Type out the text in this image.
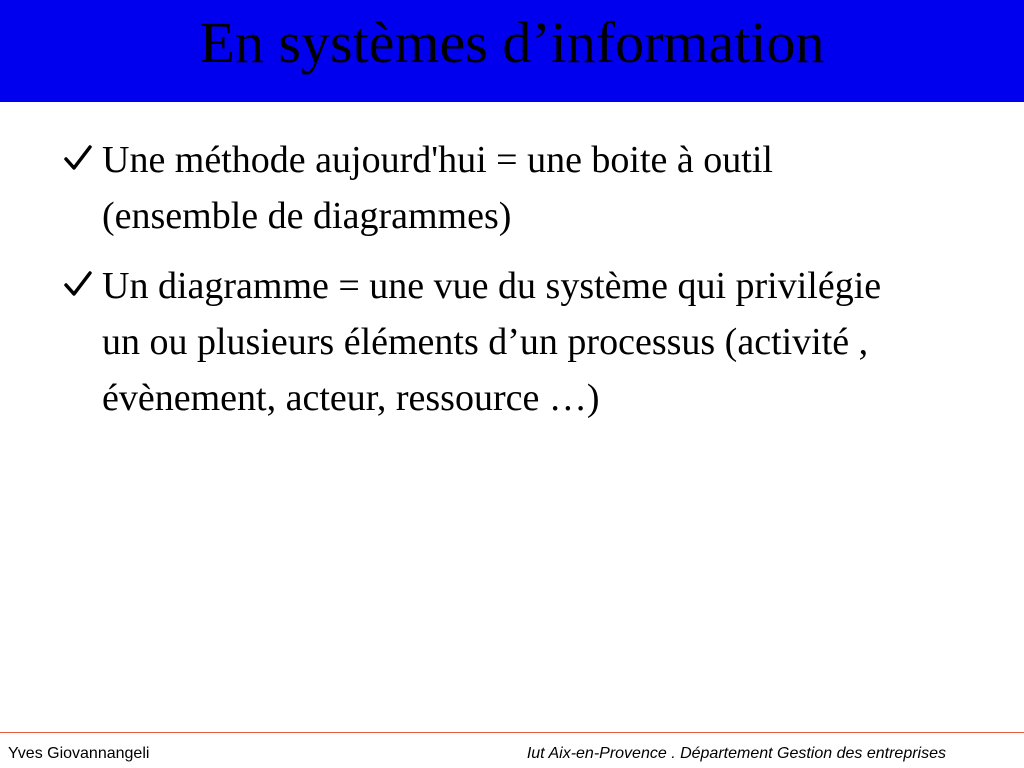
En systèmes d’information
Une méthode aujourd'hui = une boite à outil (ensemble de diagrammes)
Un diagramme = une vue du système qui privilégie un ou plusieurs éléments d’un processus (activité , évènement, acteur, ressource …)
Yves Giovannangeli	Iut Aix-en-Provence . Département Gestion des entreprises
